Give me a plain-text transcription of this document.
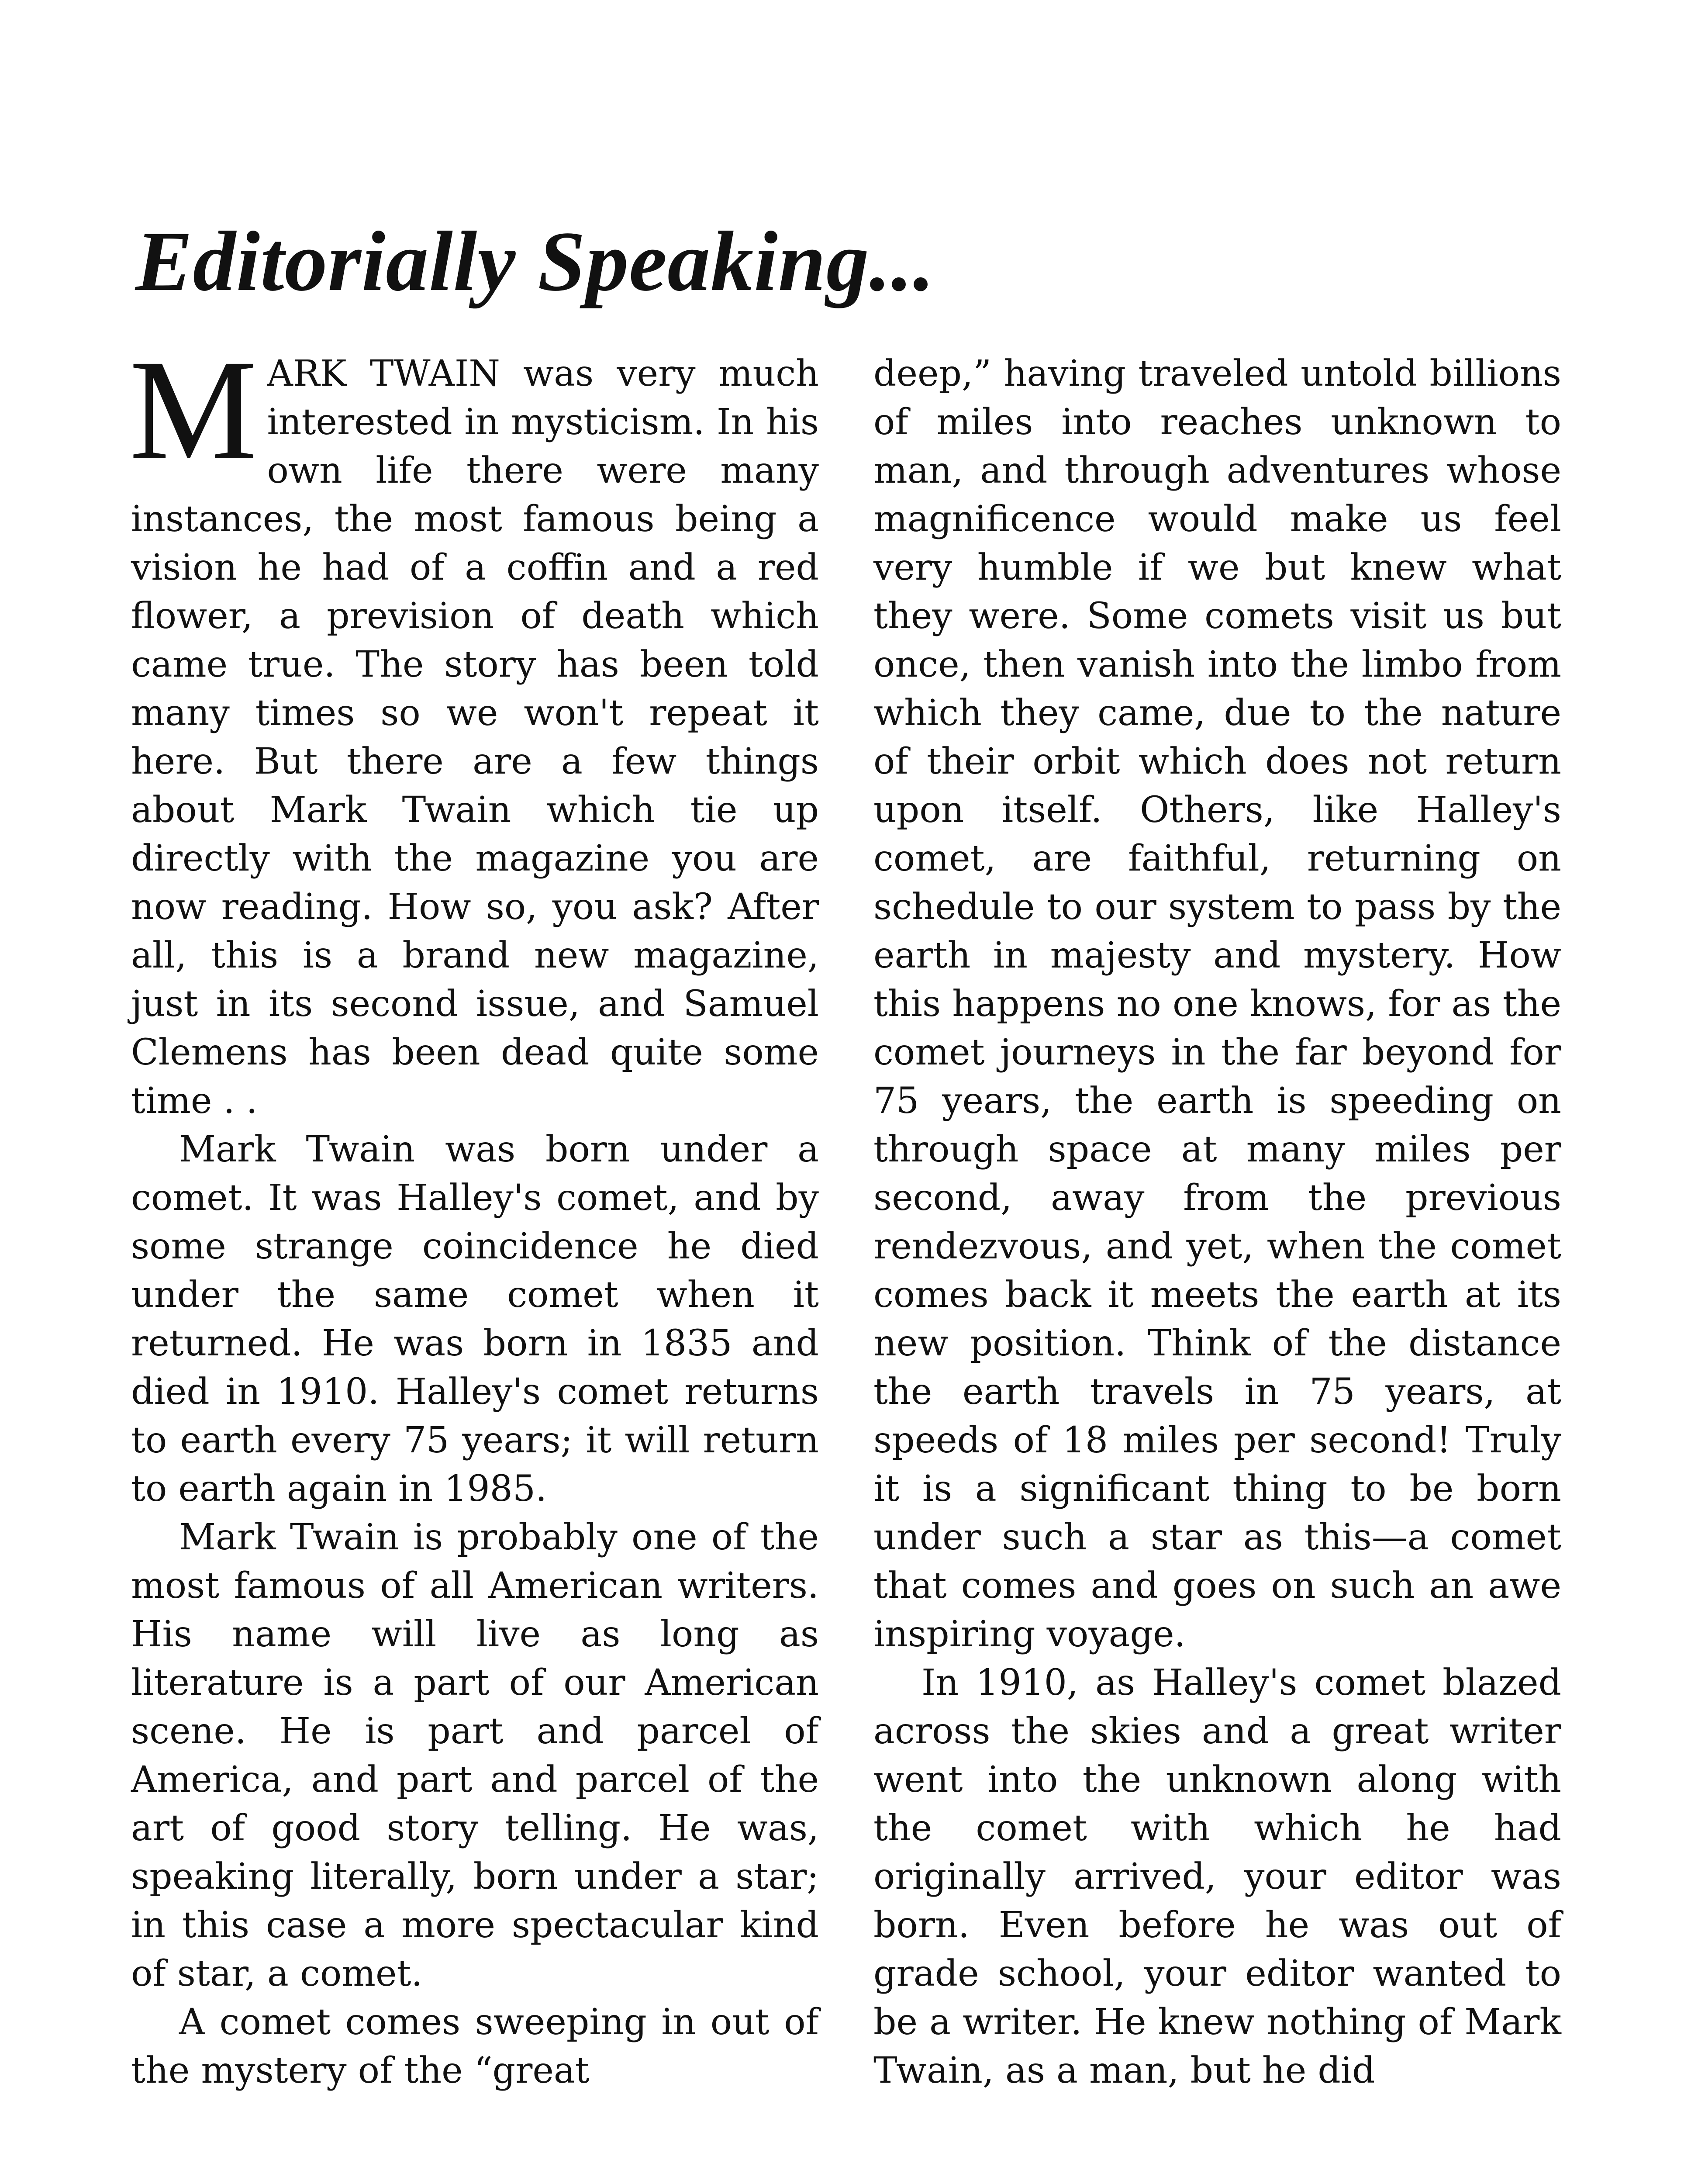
Editorially Speaking...

MARK TWAIN was very much interested in mysticism. In his own life there were many instances, the most famous being a vision he had of a coffin and a red flower, a prevision of death which came true. The story has been told many times so we won't repeat it here. But there are a few things about Mark Twain which tie up directly with the magazine you are now reading. How so, you ask? After all, this is a brand new magazine, just in its second issue, and Samuel Clemens has been dead quite some time . .

Mark Twain was born under a comet. It was Halley's comet, and by some strange coincidence he died under the same comet when it returned. He was born in 1835 and died in 1910. Halley's comet returns to earth every 75 years; it will return to earth again in 1985.

Mark Twain is probably one of the most famous of all American writers. His name will live as long as literature is a part of our American scene. He is part and parcel of America, and part and parcel of the art of good story telling. He was, speaking literally, born under a star; in this case a more spectacular kind of star, a comet.

A comet comes sweeping in out of the mystery of the “great

deep,” having traveled untold billions of miles into reaches unknown to man, and through adventures whose magnificence would make us feel very humble if we but knew what they were. Some comets visit us but once, then vanish into the limbo from which they came, due to the nature of their orbit which does not return upon itself. Others, like Halley's comet, are faithful, returning on schedule to our system to pass by the earth in majesty and mystery. How this happens no one knows, for as the comet journeys in the far beyond for 75 years, the earth is speeding on through space at many miles per second, away from the previous rendezvous, and yet, when the comet comes back it meets the earth at its new position. Think of the distance the earth travels in 75 years, at speeds of 18 miles per second! Truly it is a significant thing to be born under such a star as this—a comet that comes and goes on such an awe inspiring voyage.

In 1910, as Halley's comet blazed across the skies and a great writer went into the unknown along with the comet with which he had originally arrived, your editor was born. Even before he was out of grade school, your editor wanted to be a writer. He knew nothing of Mark Twain, as a man, but he did
